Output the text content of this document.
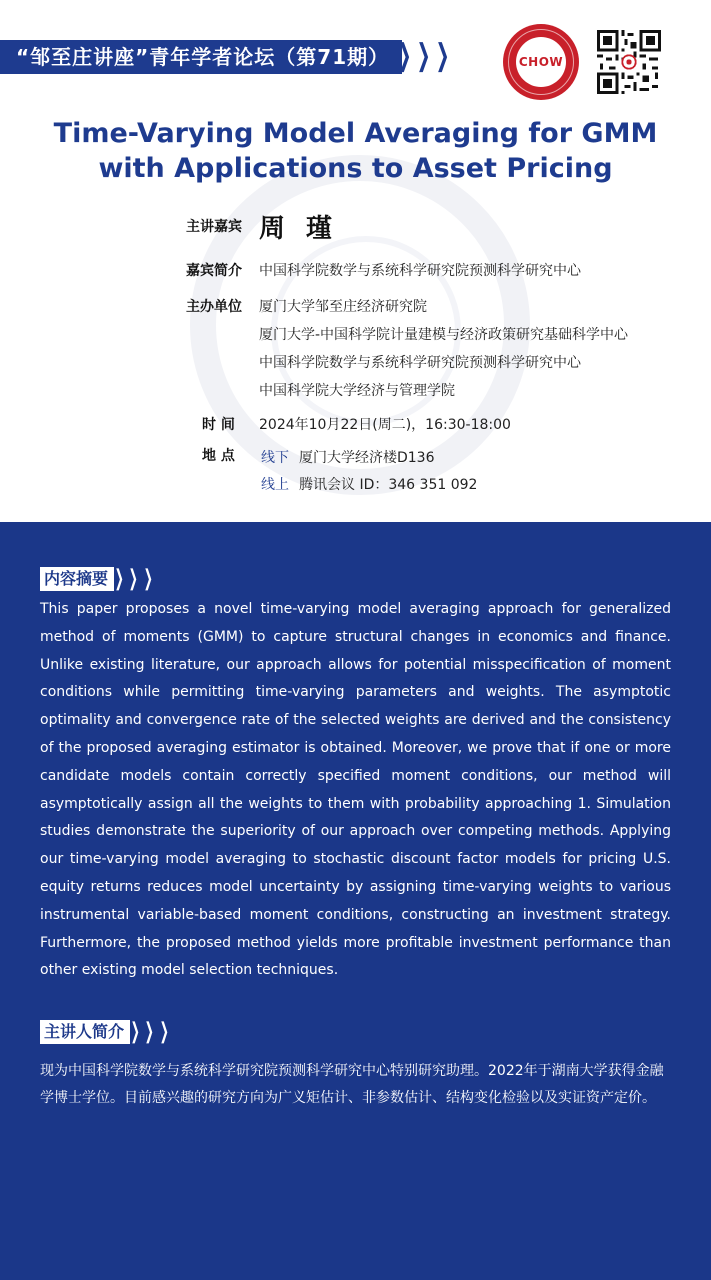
“邹至庄讲座”青年学者论坛（第71期） ❯ ❯ ❯	CHOW
Time-Varying Model Averaging for GMM
with Applications to Asset Pricing
主讲嘉宾 周 瑾
嘉宾简介 中国科学院数学与系统科学研究院预测科学研究中心
主办单位 厦门大学邹至庄经济研究院
厦门大学-中国科学院计量建模与经济政策研究基础科学中心
中国科学院数学与系统科学研究院预测科学研究中心
中国科学院大学经济与管理学院
时 间 2024年10月22日(周二)，16:30-18:00
地 点 线下 厦门大学经济楼D136
线上 腾讯会议 ID：346 351 092
内容摘要 ❯ ❯ ❯

This paper proposes a novel time-varying model averaging approach for generalized method of moments (GMM) to capture structural changes in economics and finance. Unlike existing literature, our approach allows for potential misspecification of moment conditions while permitting time-varying parameters and weights. The asymptotic optimality and convergence rate of the selected weights are derived and the consistency of the proposed averaging estimator is obtained. Moreover, we prove that if one or more candidate models contain correctly specified moment conditions, our method will asymptotically assign all the weights to them with probability approaching 1. Simulation studies demonstrate the superiority of our approach over competing methods. Applying our time-varying model averaging to stochastic discount factor models for pricing U.S. equity returns reduces model uncertainty by assigning time-varying weights to various instrumental variable-based moment conditions, constructing an investment strategy. Furthermore, the proposed method yields more profitable investment performance than other existing model selection techniques.

主讲人简介 ❯ ❯ ❯

现为中国科学院数学与系统科学研究院预测科学研究中心特别研究助理。2022年于湖南大学获得金融学博士学位。目前感兴趣的研究方向为广义矩估计、非参数估计、结构变化检验以及实证资产定价。
